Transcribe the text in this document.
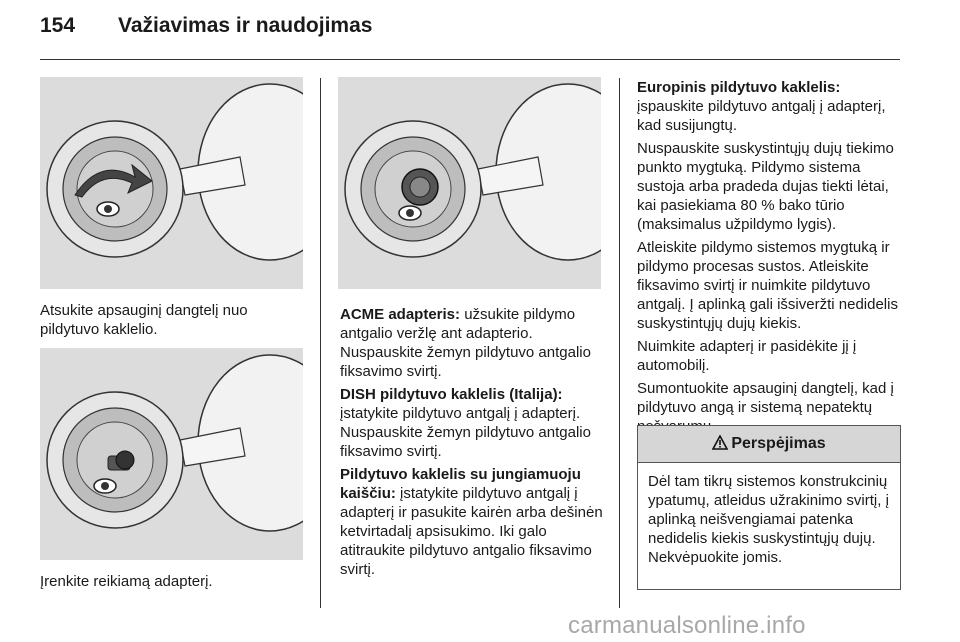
154 Važiavimas ir naudojimas
Atsukite apsauginį dangtelį nuo pildytuvo kaklelio.
Įrenkite reikiamą adapterį.

ACME adapteris: užsukite pildymo antgalio veržlę ant adapterio. Nuspauskite žemyn pildytuvo antgalio fiksavimo svirtį.

DISH pildytuvo kaklelis (Italija): įstatykite pildytuvo antgalį į adapterį. Nuspauskite žemyn pildytuvo antgalio fiksavimo svirtį.

Pildytuvo kaklelis su jungiamuoju kaiščiu: įstatykite pildytuvo antgalį į adapterį ir pasukite kairėn arba dešinėn ketvirtadalį apsisukimo. Iki galo atitraukite pildytuvo antgalio fiksavimo svirtį.

Europinis pildytuvo kaklelis:
įspauskite pildytuvo antgalį į adapterį, kad susijungtų.

Nuspauskite suskystintųjų dujų tiekimo punkto mygtuką. Pildymo sistema sustoja arba pradeda dujas tiekti lėtai, kai pasiekiama 80 % bako tūrio (maksimalus užpildymo lygis).

Atleiskite pildymo sistemos mygtuką ir pildymo procesas sustos. Atleiskite fiksavimo svirtį ir nuimkite pildytuvo antgalį. Į aplinką gali išsiveržti nedidelis suskystintųjų dujų kiekis.

Nuimkite adapterį ir pasidėkite jį į automobilį.

Sumontuokite apsauginį dangtelį, kad į pildytuvo angą ir sistemą nepatektų

Perspėjimas
Dėl tam tikrų sistemos konstrukcinių ypatumų, atleidus užrakinimo svirtį, į aplinką neišvengiamai patenka nedidelis kiekis suskystintųjų dujų. Nekvėpuokite jomis.
carmanualsonline.info
